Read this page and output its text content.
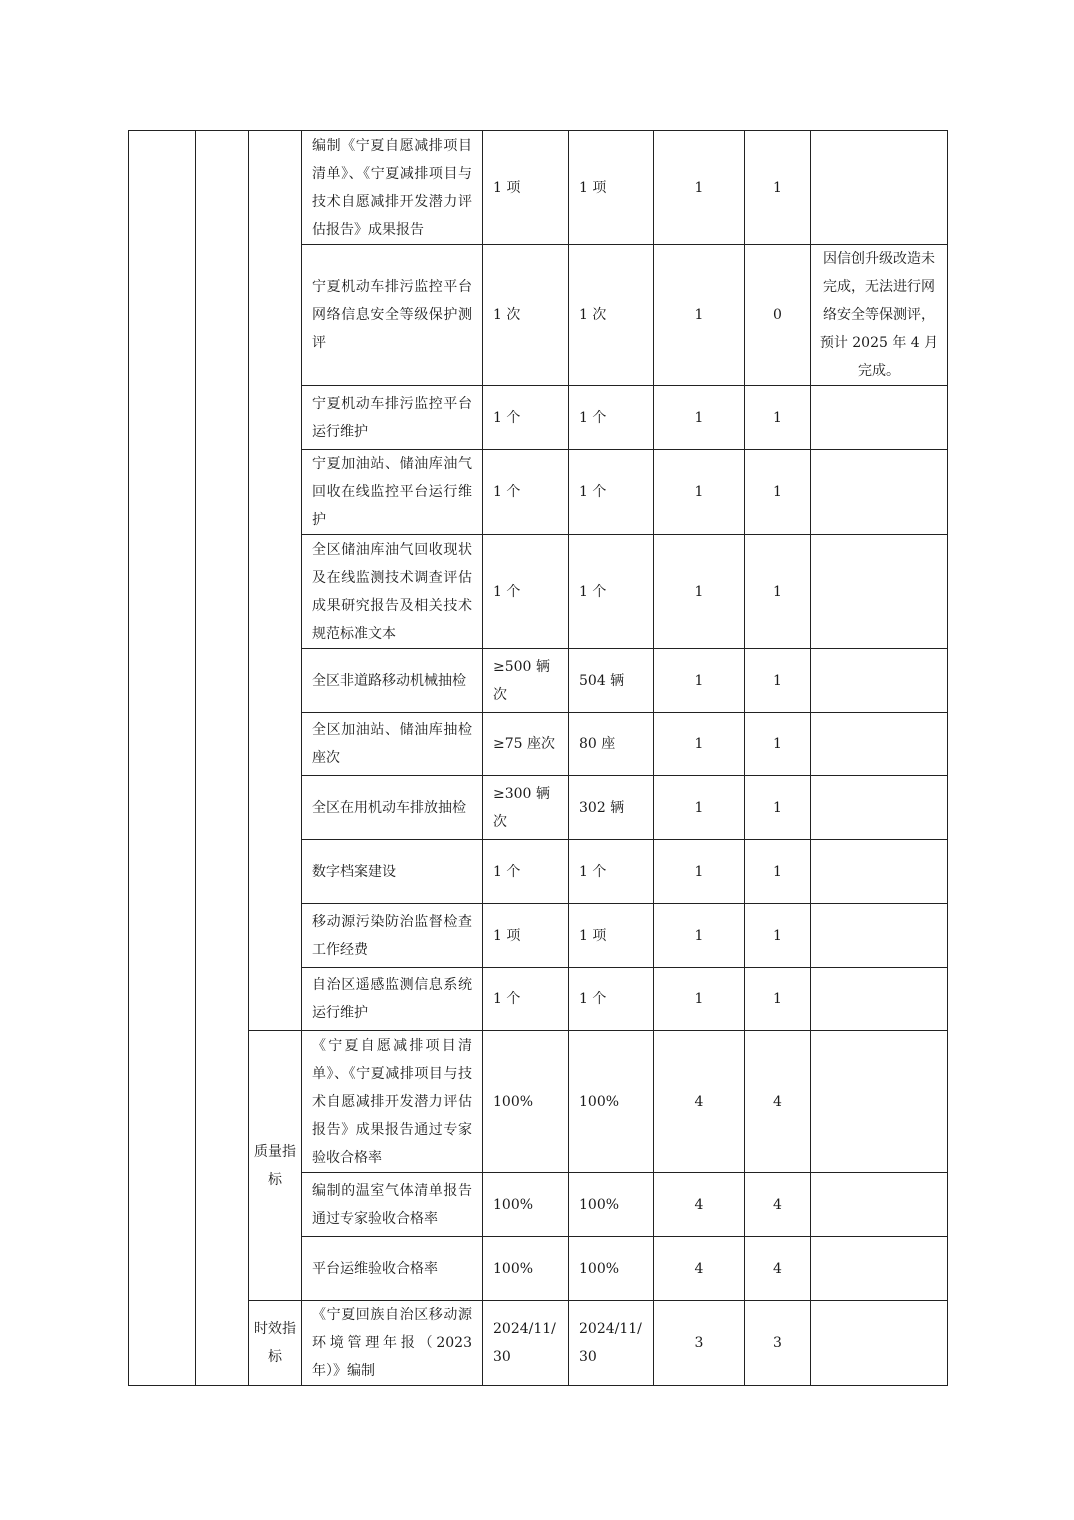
			编制《宁夏自愿减排项目清单》、《宁夏减排项目与技术自愿减排开发潜力评估报告》成果报告	1 项	1 项	1	1	
			宁夏机动车排污监控平台网络信息安全等级保护测评	1 次	1 次	1	0	因信创升级改造未完成，无法进行网络安全等保测评，预计 2025 年 4 月完成。
			宁夏机动车排污监控平台运行维护	1 个	1 个	1	1	
			宁夏加油站、储油库油气回收在线监控平台运行维护	1 个	1 个	1	1	
			全区储油库油气回收现状及在线监测技术调查评估成果研究报告及相关技术规范标准文本	1 个	1 个	1	1	
			全区非道路移动机械抽检	≥500 辆次	504 辆	1	1	
			全区加油站、储油库抽检座次	≥75 座次	80 座	1	1	
			全区在用机动车排放抽检	≥300 辆次	302 辆	1	1	
			数字档案建设	1 个	1 个	1	1	
			移动源污染防治监督检查工作经费	1 项	1 项	1	1	
			自治区遥感监测信息系统运行维护	1 个	1 个	1	1	
		质量指标	《宁夏自愿减排项目清单》、《宁夏减排项目与技术自愿减排开发潜力评估报告》成果报告通过专家验收合格率	100%	100%	4	4	
			编制的温室气体清单报告通过专家验收合格率	100%	100%	4	4	
			平台运维验收合格率	100%	100%	4	4	
		时效指标	《宁夏回族自治区移动源环境管理年报（2023 年）》编制	2024/11/30	2024/11/30	3	3	
